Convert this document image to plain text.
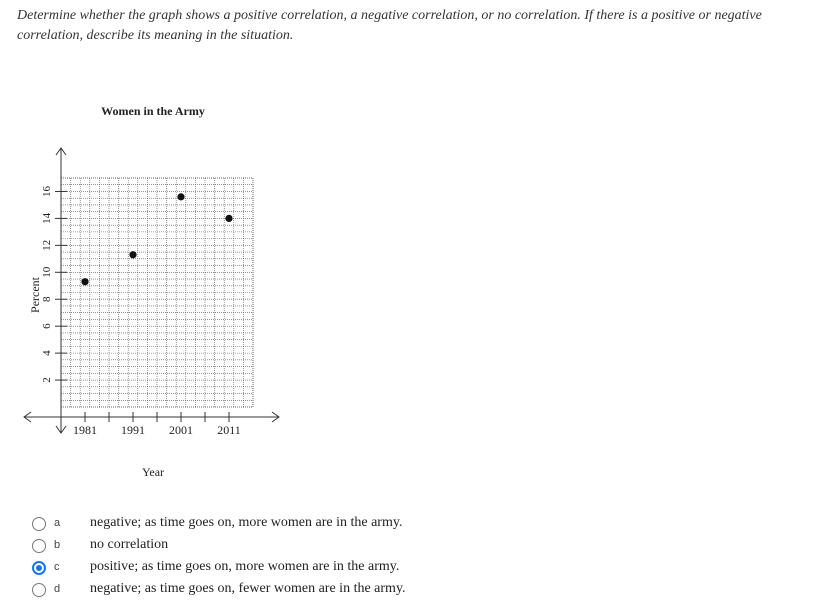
Determine whether the graph shows a positive correlation, a negative correlation, or no correlation. If there is a positive or negative correlation, describe its meaning in the situation.
Women in the Army
1981 1991 2001 2011
2
4
6
8
10
12
14
16
Year
Percent
a negative; as time goes on, more women are in the army.
b no correlation
c positive; as time goes on, more women are in the army.
d negative; as time goes on, fewer women are in the army.
